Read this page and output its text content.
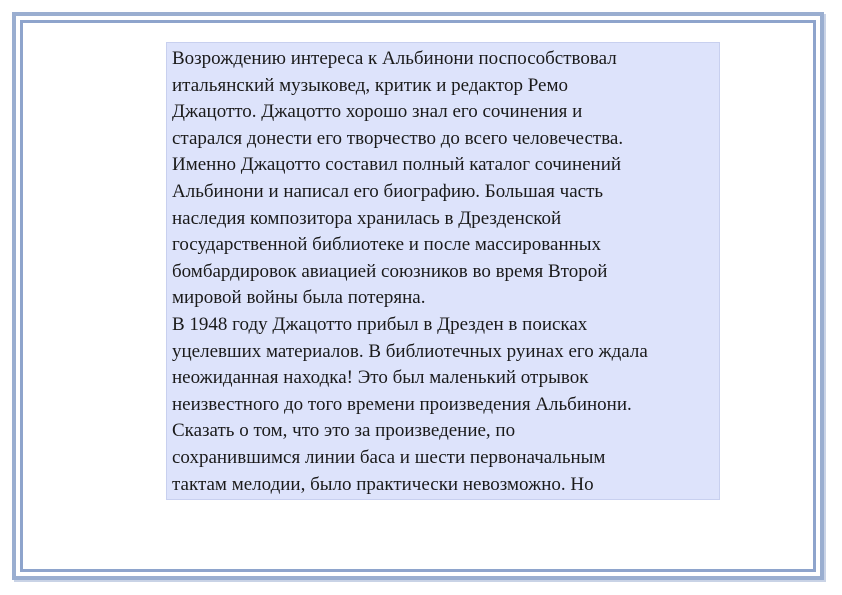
Возрождению интереса к Альбинони поспособствовал
итальянский музыковед, критик и редактор Ремо
Джацотто. Джацотто хорошо знал его сочинения и
старался донести его творчество до всего человечества.
Именно Джацотто составил полный каталог сочинений
Альбинони и написал его биографию. Большая часть
наследия композитора хранилась в Дрезденской
государственной библиотеке и после массированных
бомбардировок авиацией союзников во время Второй
мировой войны была потеряна.

В 1948 году Джацотто прибыл в Дрезден в поисках
уцелевших материалов. В библиотечных руинах его ждала
неожиданная находка! Это был маленький отрывок
неизвестного до того времени произведения Альбинони.
Сказать о том, что это за произведение, по
сохранившимся линии баса и шести первоначальным
тактам мелодии, было практически невозможно. Но
